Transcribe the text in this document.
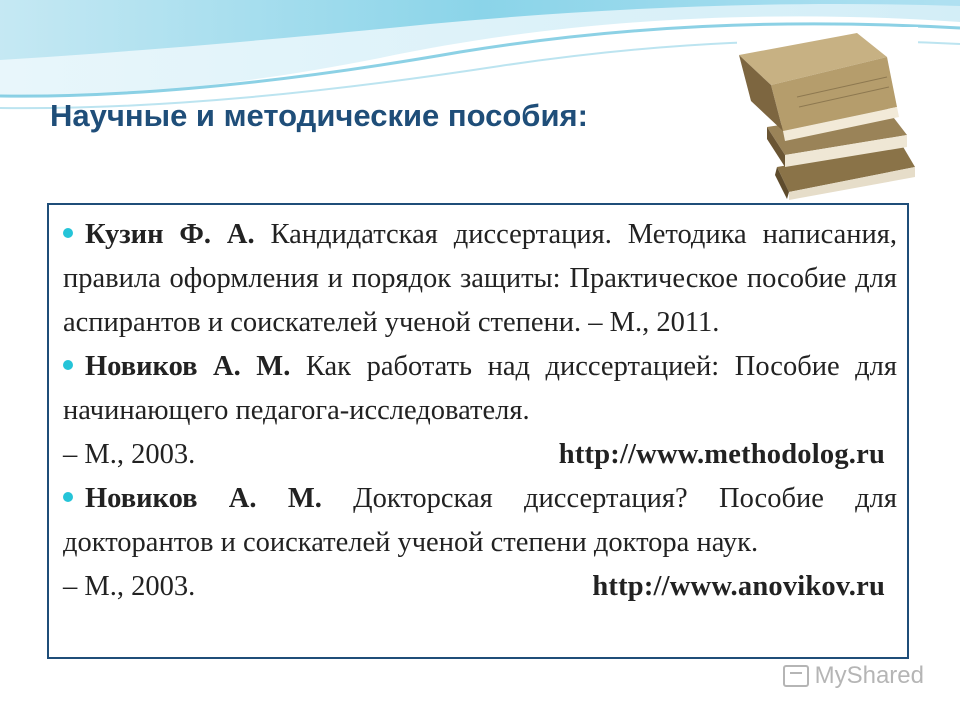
Научные и методические пособия:
Кузин Ф. А. Кандидатская диссертация. Методика написания, правила оформления и порядок защиты: Практическое пособие для аспирантов и соискателей ученой степени. – М., 2011.
Новиков А. М. Как работать над диссертацией: Пособие для начинающего педагога-исследователя.
– М., 2003.	http://www.methodolog.ru
Новиков А. М. Докторская диссертация? Пособие для докторантов и соискателей ученой степени доктора наук.
– М., 2003.	http://www.anovikov.ru
MyShared
